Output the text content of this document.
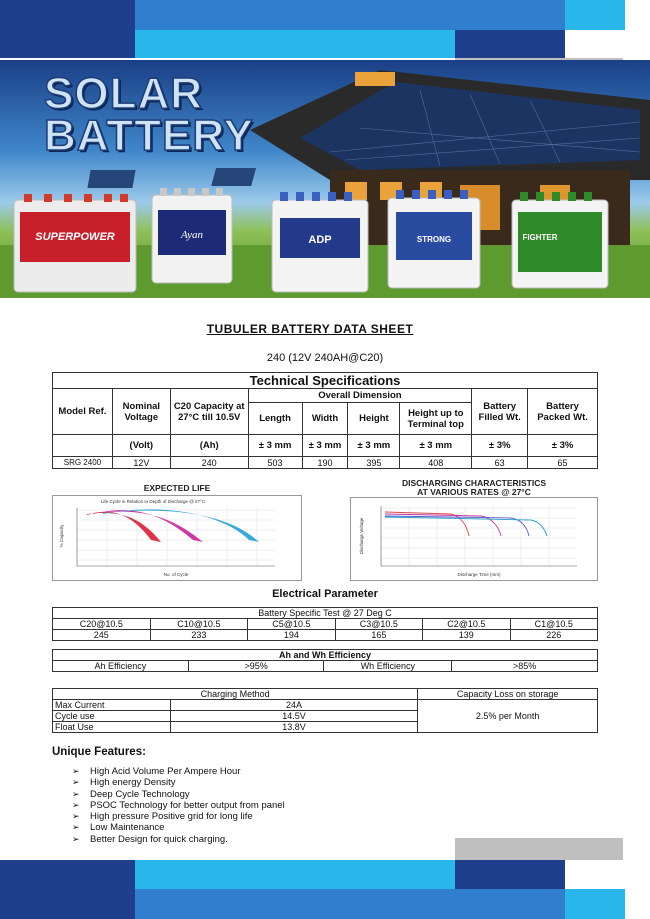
SUPERPOWER	Ayan	ADP	STRONG	FIGHTER
SOLAR
BATTERY
TUBULER BATTERY DATA SHEET
240 (12V 240AH@C20)
Technical Specifications								
Model Ref.	Nominal Voltage	C20 Capacity at 27°C till 10.5V	Overall Dimension				Battery Filled Wt.	Battery Packed Wt.
			Length	Width	Height	Height up to Terminal top		
	(Volt)	(Ah)	± 3 mm	± 3 mm	± 3 mm	± 3 mm	± 3%	± 3%
SRG 2400	12V	240	503	190	395	408	63	65
EXPECTED LIFE
Life Cycle in Relation to Depth of Discharge @ 27°C
% Capacity
No. of Cycle
DISCHARGING CHARACTERISTICS
AT VARIOUS RATES @ 27°C
Discharge Voltage
Discharge Time (mm)
Electrical Parameter
Battery Specific Test @ 27 Deg C					
C20@10.5	C10@10.5	C5@10.5	C3@10.5	C2@10.5	C1@10.5
245	233	194	165	139	226
Ah and Wh Efficiency
Ah Efficiency	>95%	Wh Efficiency	>85%
Charging Method		Capacity Loss on storage
Max Current	24A	2.5% per Month
Cycle use	14.5V	
Float Use	13.8V	
Unique Features:
➢ High Acid Volume Per Ampere Hour
➢ High energy Density
➢ Deep Cycle Technology
➢ PSOC Technology for better output from panel
➢ High pressure Positive grid for long life
➢ Low Maintenance
➢ Better Design for quick charging.
